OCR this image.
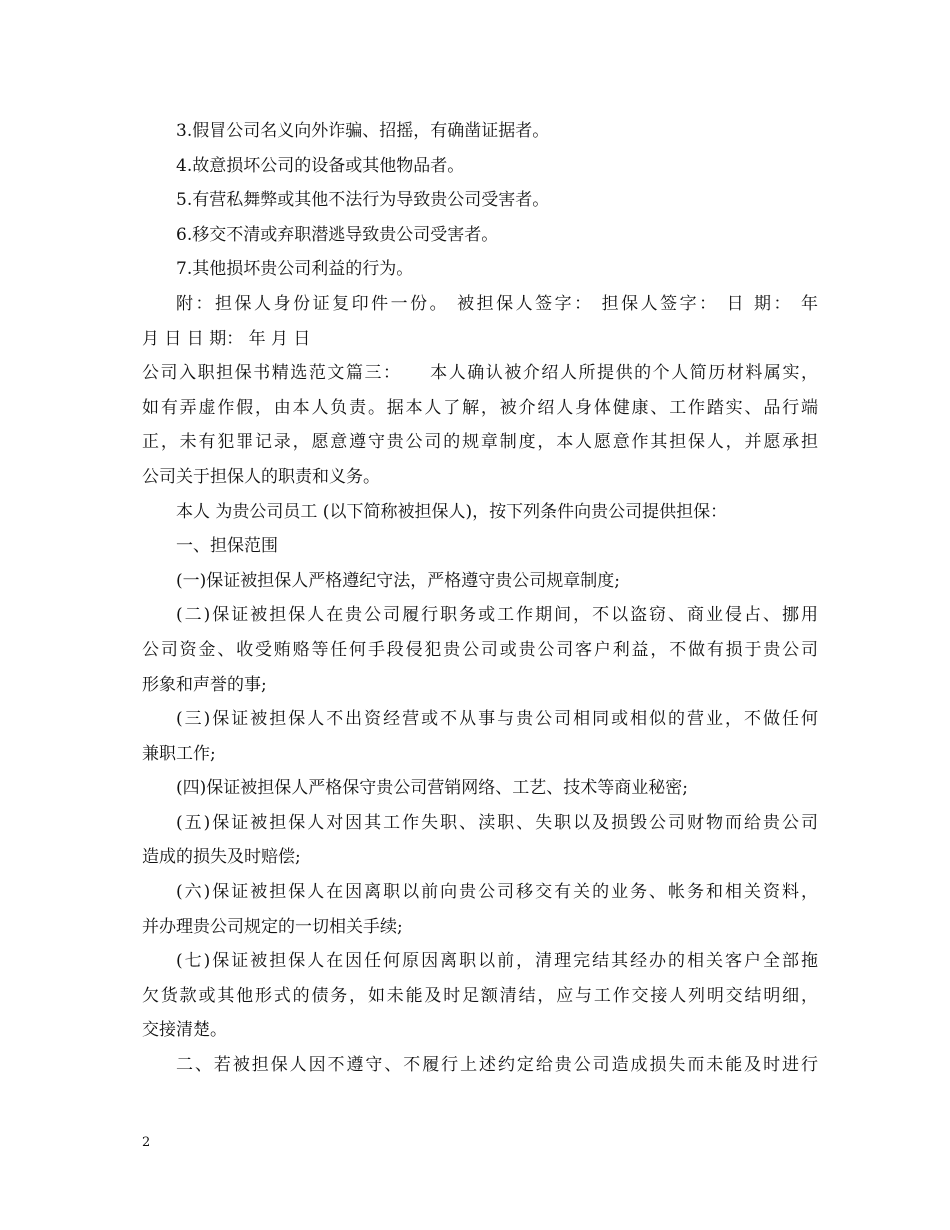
3.假冒公司名义向外诈骗、招摇，有确凿证据者。
4.故意损坏公司的设备或其他物品者。
5.有营私舞弊或其他不法行为导致贵公司受害者。
6.移交不清或弃职潜逃导致贵公司受害者。
7.其他损坏贵公司利益的行为。
附：担保人身份证复印件一份。 被担保人签字： 担保人签字： 日 期： 年
月 日 日 期： 年 月 日
公司入职担保书精选范文篇三：　　本人确认被介绍人所提供的个人简历材料属实，
如有弄虚作假，由本人负责。据本人了解，被介绍人身体健康、工作踏实、品行端
正，未有犯罪记录，愿意遵守贵公司的规章制度，本人愿意作其担保人，并愿承担
公司关于担保人的职责和义务。
本人 为贵公司员工 (以下简称被担保人)，按下列条件向贵公司提供担保：
一、担保范围
(一)保证被担保人严格遵纪守法，严格遵守贵公司规章制度;
(二)保证被担保人在贵公司履行职务或工作期间，不以盗窃、商业侵占、挪用
公司资金、收受贿赂等任何手段侵犯贵公司或贵公司客户利益，不做有损于贵公司
形象和声誉的事;
(三)保证被担保人不出资经营或不从事与贵公司相同或相似的营业，不做任何
兼职工作;
(四)保证被担保人严格保守贵公司营销网络、工艺、技术等商业秘密;
(五)保证被担保人对因其工作失职、渎职、失职以及损毁公司财物而给贵公司
造成的损失及时赔偿;
(六)保证被担保人在因离职以前向贵公司移交有关的业务、帐务和相关资料，
并办理贵公司规定的一切相关手续;
(七)保证被担保人在因任何原因离职以前，清理完结其经办的相关客户全部拖
欠货款或其他形式的债务，如未能及时足额清结，应与工作交接人列明交结明细，
交接清楚。
二、若被担保人因不遵守、不履行上述约定给贵公司造成损失而未能及时进行
2
